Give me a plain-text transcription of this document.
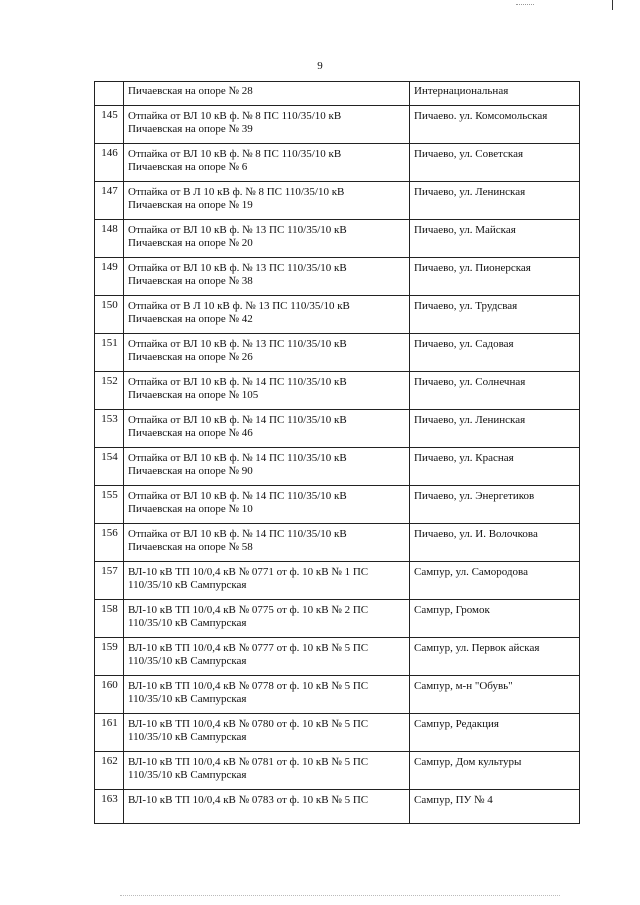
9
	Пичаевская на опоре № 28	Интернациональная
145	Отпайка от ВЛ 10 кВ ф. № 8 ПС 110/35/10 кВ
Пичаевская на опоре № 39	Пичаево. ул. Комсомольская
146	Отпайка от ВЛ 10 кВ ф. № 8 ПС 110/35/10 кВ
Пичаевская на опоре № 6	Пичаево, ул. Советская
147	Отпайка от В Л 10 кВ ф. № 8 ПС 110/35/10 кВ
Пичаевская на опоре № 19	Пичаево, ул. Ленинская
148	Отпайка от ВЛ 10 кВ ф. № 13 ПС 110/35/10 кВ
Пичаевская на опоре № 20	Пичаево, ул. Майская
149	Отпайка от ВЛ 10 кВ ф. № 13 ПС 110/35/10 кВ
Пичаевская на опоре № 38	Пичаево, ул. Пионерская
150	Отпайка от В Л 10 кВ ф. № 13 ПС 110/35/10 кВ
Пичаевская на опоре № 42	Пичаево, ул. Трудсвая
151	Отпайка от ВЛ 10 кВ ф. № 13 ПС 110/35/10 кВ
Пичаевская на опоре № 26	Пичаево, ул. Садовая
152	Отпайка от ВЛ 10 кВ ф. № 14 ПС 110/35/10 кВ
Пичаевская на опоре № 105	Пичаево, ул. Солнечная
153	Отпайка от ВЛ 10 кВ ф. № 14 ПС 110/35/10 кВ
Пичаевская на опоре № 46	Пичаево, ул. Ленинская
154	Отпайка от ВЛ 10 кВ ф. № 14 ПС 110/35/10 кВ
Пичаевская на опоре № 90	Пичаево, ул. Красная
155	Отпайка от ВЛ 10 кВ ф. № 14 ПС 110/35/10 кВ
Пичаевская на опоре № 10	Пичаево, ул. Энергетиков
156	Отпайка от ВЛ 10 кВ ф. № 14 ПС 110/35/10 кВ
Пичаевская на опоре № 58	Пичаево, ул. И. Волочкова
157	ВЛ-10 кВ ТП 10/0,4 кВ № 0771 от ф. 10 кВ № 1 ПС
110/35/10 кВ Сампурская	Сампур, ул. Самородова
158	ВЛ-10 кВ ТП 10/0,4 кВ № 0775 от ф. 10 кВ № 2 ПС
110/35/10 кВ Сампурская	Сампур, Громок
159	ВЛ-10 кВ ТП 10/0,4 кВ № 0777 от ф. 10 кВ № 5 ПС
110/35/10 кВ Сампурская	Сампур, ул. Первок айская
160	ВЛ-10 кВ ТП 10/0,4 кВ № 0778 от ф. 10 кВ № 5 ПС
110/35/10 кВ Сампурская	Сампур, м-н "Обувь"
161	ВЛ-10 кВ ТП 10/0,4 кВ № 0780 от ф. 10 кВ № 5 ПС
110/35/10 кВ Сампурская	Сампур, Редакция
162	ВЛ-10 кВ ТП 10/0,4 кВ № 0781 от ф. 10 кВ № 5 ПС
110/35/10 кВ Сампурская	Сампур, Дом культуры
163	ВЛ-10 кВ ТП 10/0,4 кВ № 0783 от ф. 10 кВ № 5 ПС	Сампур, ПУ № 4
